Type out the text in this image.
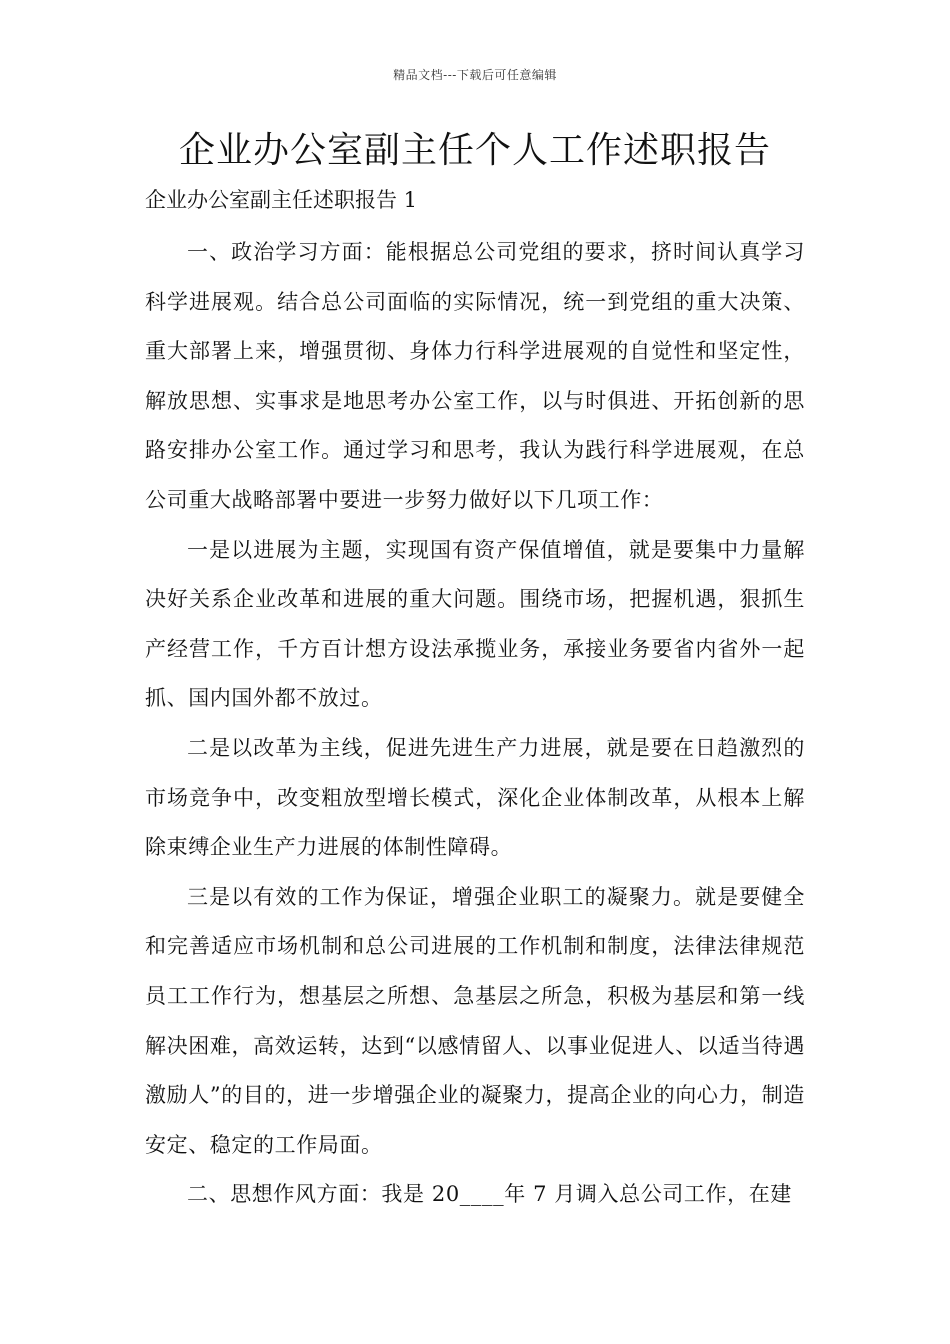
精品文档---下载后可任意编辑
企业办公室副主任个人工作述职报告

企业办公室副主任述职报告 1

一、政治学习方面：能根据总公司党组的要求，挤时间认真学习科学进展观。结合总公司面临的实际情况，统一到党组的重大决策、重大部署上来，增强贯彻、身体力行科学进展观的自觉性和坚定性，解放思想、实事求是地思考办公室工作，以与时俱进、开拓创新的思路安排办公室工作。通过学习和思考，我认为践行科学进展观，在总公司重大战略部署中要进一步努力做好以下几项工作：

一是以进展为主题，实现国有资产保值增值，就是要集中力量解决好关系企业改革和进展的重大问题。围绕市场，把握机遇，狠抓生产经营工作，千方百计想方设法承揽业务，承接业务要省内省外一起抓、国内国外都不放过。

二是以改革为主线，促进先进生产力进展，就是要在日趋激烈的市场竞争中，改变粗放型增长模式，深化企业体制改革，从根本上解除束缚企业生产力进展的体制性障碍。

三是以有效的工作为保证，增强企业职工的凝聚力。就是要健全和完善适应市场机制和总公司进展的工作机制和制度，法律法律规范员工工作行为，想基层之所想、急基层之所急，积极为基层和第一线解决困难，高效运转，达到“以感情留人、以事业促进人、以适当待遇激励人”的目的，进一步增强企业的凝聚力，提高企业的向心力，制造安定、稳定的工作局面。

二、思想作风方面：我是 20____年 7 月调入总公司工作，在建
